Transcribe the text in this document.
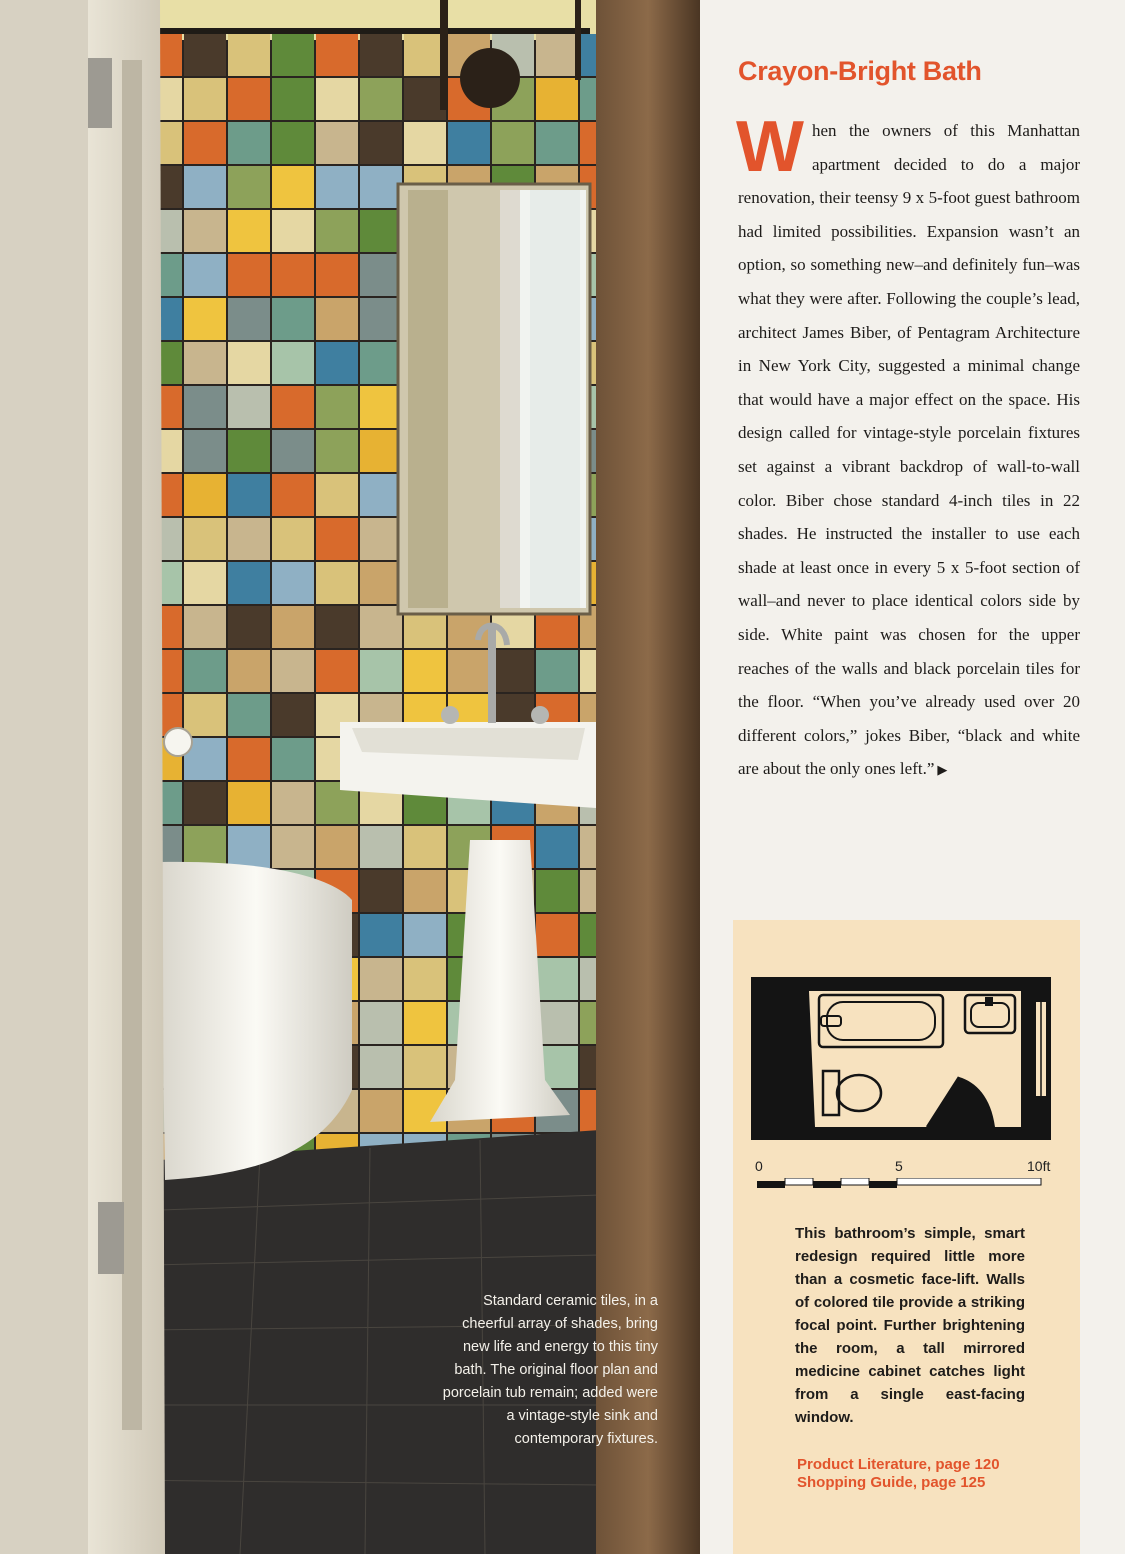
Standard ceramic tiles, in a cheerful array of shades, bring new life and energy to this tiny bath. The original floor plan and porcelain tub remain; added were a vintage-style sink and contemporary fixtures.
Crayon-Bright Bath
When the owners of this Manhattan apartment decided to do a major renovation, their teensy 9 x 5-foot guest bathroom had limited possibilities. Expansion wasn’t an option, so something new–and definitely fun–was what they were after. Following the couple’s lead, architect James Biber, of Pentagram Architecture in New York City, suggested a minimal change that would have a major effect on the space. His design called for vintage-style porcelain fixtures set against a vibrant backdrop of wall-to-wall color. Biber chose standard 4-inch tiles in 22 shades. He instructed the installer to use each shade at least once in every 5 x 5-foot section of wall–and never to place identical colors side by side. White paint was chosen for the upper reaches of the walls and black porcelain tiles for the floor. “When you’ve already used over 20 different colors,” jokes Biber, “black and white are about the only ones left.” ▶
0	5	10ft

This bathroom’s simple, smart redesign required little more than a cosmetic face-lift. Walls of colored tile provide a striking focal point. Further brightening the room, a tall mirrored medicine cabinet catches light from a single east-facing window.

Product Literature, page 120
Shopping Guide, page 125
